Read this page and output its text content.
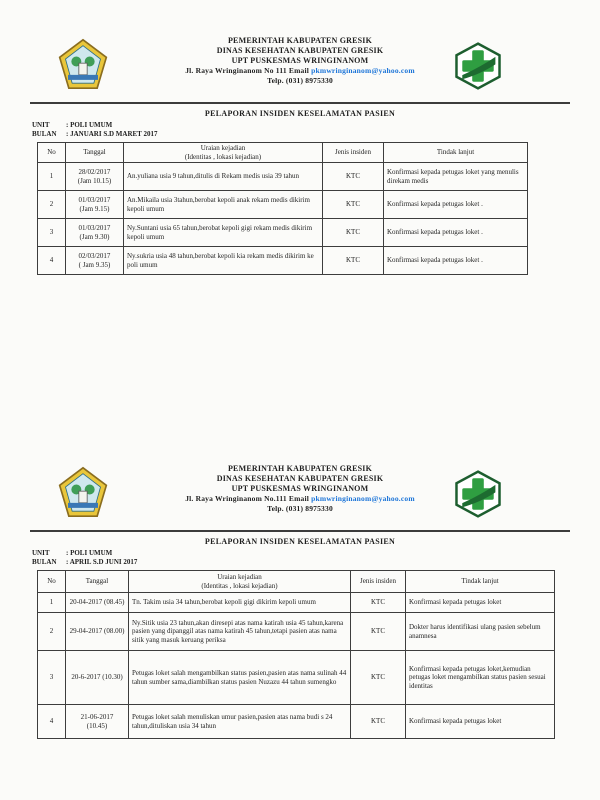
PEMERINTAH KABUPATEN GRESIK
DINAS KESEHATAN KABUPATEN GRESIK
UPT PUSKESMAS WRINGINANOM
Jl. Raya Wringinanom No 111 Email pkmwringinanom@yahoo.com
Telp. (031) 8975330
PELAPORAN INSIDEN KESELAMATAN PASIEN
UNIT	: POLI UMUM
BULAN	: JANUARI S.D MARET 2017
No	Tanggal	Uraian kejadian
(Identitas , lokasi kejadian)	Jenis insiden	Tindak lanjut
1	28/02/2017
(Jam 10.15)	An.yuliana usia 9 tahun,ditulis di Rekam medis usia 39 tahun	KTC	Konfirmasi kepada petugas loket yang menulis direkam medis
2	01/03/2017
(Jam 9.15)	An.Mikaila usia 3tahun,berobat kepoli anak rekam medis dikirim kepoli umum	KTC	Konfirmasi kepada petugas loket .
3	01/03/2017
(Jam 9.30)	Ny.Suntani usia 65 tahun,berobat kepoli gigi rekam medis dikirim kepoli umum	KTC	Konfirmasi kepada petugas loket .
4	02/03/2017
( Jam 9.35)	Ny.sukria usia 48 tahun,berobat kepoli kia rekam medis dikirim ke poli umum	KTC	Konfirmasi kepada petugas loket .
PEMERINTAH KABUPATEN GRESIK
DINAS KESEHATAN KABUPATEN GRESIK
UPT PUSKESMAS WRINGINANOM
Jl. Raya Wringinanom No.111 Email pkmwringinanom@yahoo.com
Telp. (031) 8975330
PELAPORAN INSIDEN KESELAMATAN PASIEN
UNIT	: POLI UMUM
BULAN	: APRIL S.D JUNI 2017
No	Tanggal	Uraian kejadian
(Identitas , lokasi kejadian)	Jenis insiden	Tindak lanjut
1	20-04-2017 (08.45)	Tn. Takim usia 34 tahun,berobat kepoli gigi dikirim kepoli umum	KTC	Konfirmasi kepada petugas loket
2	29-04-2017 (08.00)	Ny.Sitik usia 23 tahun,akan diresepi atas nama katirah usia 45 tahun,karena pasien yang dipanggil atas nama katirah 45 tahun,tetapi pasien atas nama sitik yang masuk keruang periksa	KTC	Dokter harus identifikasi ulang pasien sebelum anamnesa
3	20-6-2017 (10.30)	Petugas loket salah mengambilkan status pasien,pasien atas nama sulinah 44 tahun sumber sama,diambilkan status pasien Nuzazu 44 tahun sumengko	KTC	Konfirmasi kepada petugas loket,kemudian petugas loket mengambilkan status pasien sesuai identitas
4	21-06-2017
(10.45)	Petugas loket salah menuliskan umur pasien,pasien atas nama budi s 24 tahun,dituliskan usia 34 tahun	KTC	Konfirmasi kepada petugas loket
